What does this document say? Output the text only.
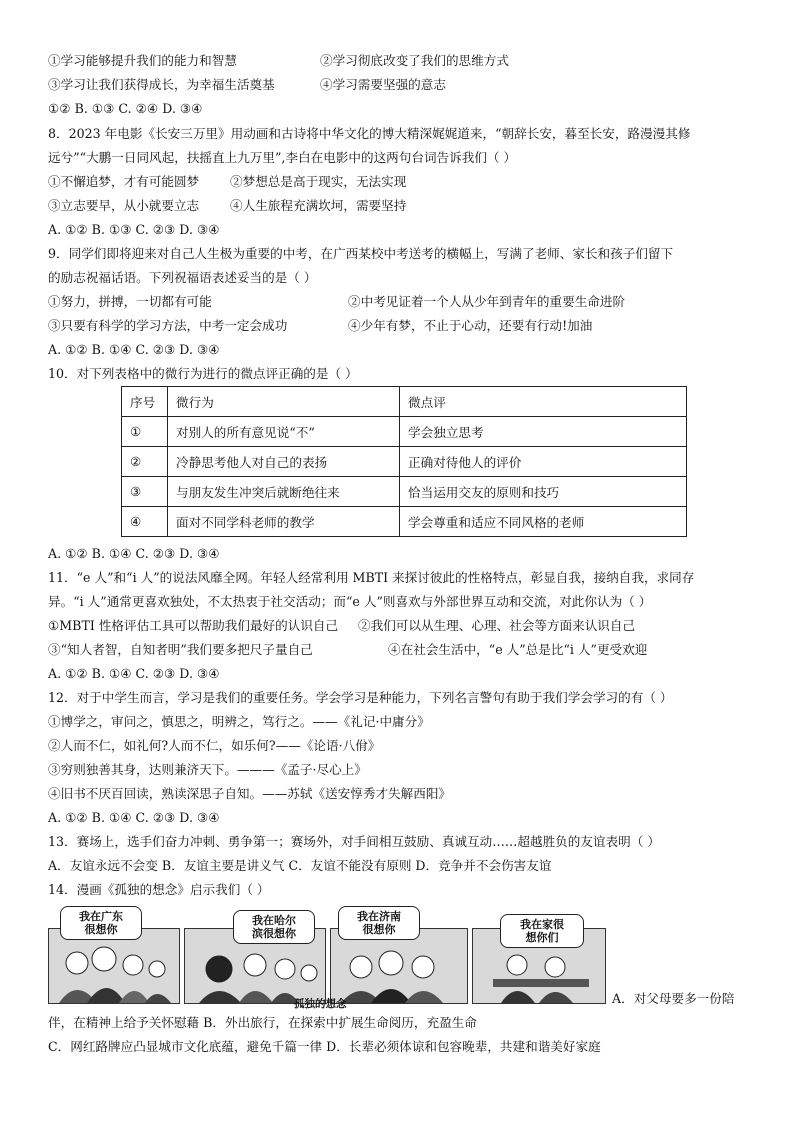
①学习能够提升我们的能力和智慧	②学习彻底改变了我们的思维方式
③学习让我们获得成长，为幸福生活奠基	④学习需要坚强的意志
①② B. ①③ C. ②④ D. ③④
8．2023 年电影《长安三万里》用动画和古诗将中华文化的博大精深娓娓道来，“朝辞长安，暮至长安，路漫漫其修
远兮”“大鹏一日同风起，扶摇直上九万里”,李白在电影中的这两句台词告诉我们（ ）
①不懈追梦，才有可能圆梦 ②梦想总是高于现实，无法实现
③立志要早，从小就要立志 ④人生旅程充满坎坷，需要坚持
A. ①② B. ①③ C. ②③ D. ③④
9．同学们即将迎来对自己人生极为重要的中考，在广西某校中考送考的横幅上，写满了老师、家长和孩子们留下
的励志祝福话语。下列祝福语表述妥当的是（ ）
①努力，拼搏，一切都有可能	②中考见证着一个人从少年到青年的重要生命进阶
③只要有科学的学习方法，中考一定会成功	④少年有梦，不止于心动，还要有行动!加油
A. ①② B. ①④ C. ②③ D. ③④
10．对下列表格中的微行为进行的微点评正确的是（ ）
序号	微行为	微点评
①	对别人的所有意见说“不”	学会独立思考
②	冷静思考他人对自己的表扬	正确对待他人的评价
③	与朋友发生冲突后就断绝往来	恰当运用交友的原则和技巧
④	面对不同学科老师的教学	学会尊重和适应不同风格的老师
A. ①② B. ①④ C. ②③ D. ③④
11．“e 人”和“i 人”的说法风靡全网。年轻人经常利用 MBTI 来探讨彼此的性格特点，彰显自我，接纳自我，求同存
异。“i 人”通常更喜欢独处，不太热衷于社交活动；而“e 人”则喜欢与外部世界互动和交流，对此你认为（ ）
①MBTI 性格评估工具可以帮助我们最好的认识自己 ②我们可以从生理、心理、社会等方面来认识自己
③“知人者智，自知者明”我们要多把尺子量自己	④在社会生活中，“e 人”总是比“i 人”更受欢迎
A. ①② B. ①④ C. ②③ D. ③④
12．对于中学生而言，学习是我们的重要任务。学会学习是种能力，下列名言警句有助于我们学会学习的有（ ）
①博学之，审问之，慎思之，明辨之，笃行之。——《礼记·中庸分》
②人而不仁，如礼何?人而不仁，如乐何?——《论语·八佾》
③穷则独善其身，达则兼济天下。———《孟子·尽心上》
④旧书不厌百回读，熟读深思子自知。——苏轼《送安惇秀才失解西阳》
A. ①② B. ①④ C. ②③ D. ③④
13．赛场上，选手们奋力冲刺、勇争第一；赛场外，对手间相互鼓励、真诚互动……超越胜负的友谊表明（ ）
A．友谊永远不会变 B．友谊主要是讲义气 C．友谊不能没有原则 D．竞争并不会伤害友谊
14．漫画《孤独的想念》启示我们（ ）
我在广东
很想你
我在哈尔
滨很想你
我在济南
很想你	我在家很
想你们
孤独的想念	A．对父母要多一份陪
伴，在精神上给予关怀慰藉 B．外出旅行，在探索中扩展生命阅历，充盈生命
C．网红路牌应凸显城市文化底蕴，避免千篇一律 D．长辈必须体谅和包容晚辈，共建和谐美好家庭
